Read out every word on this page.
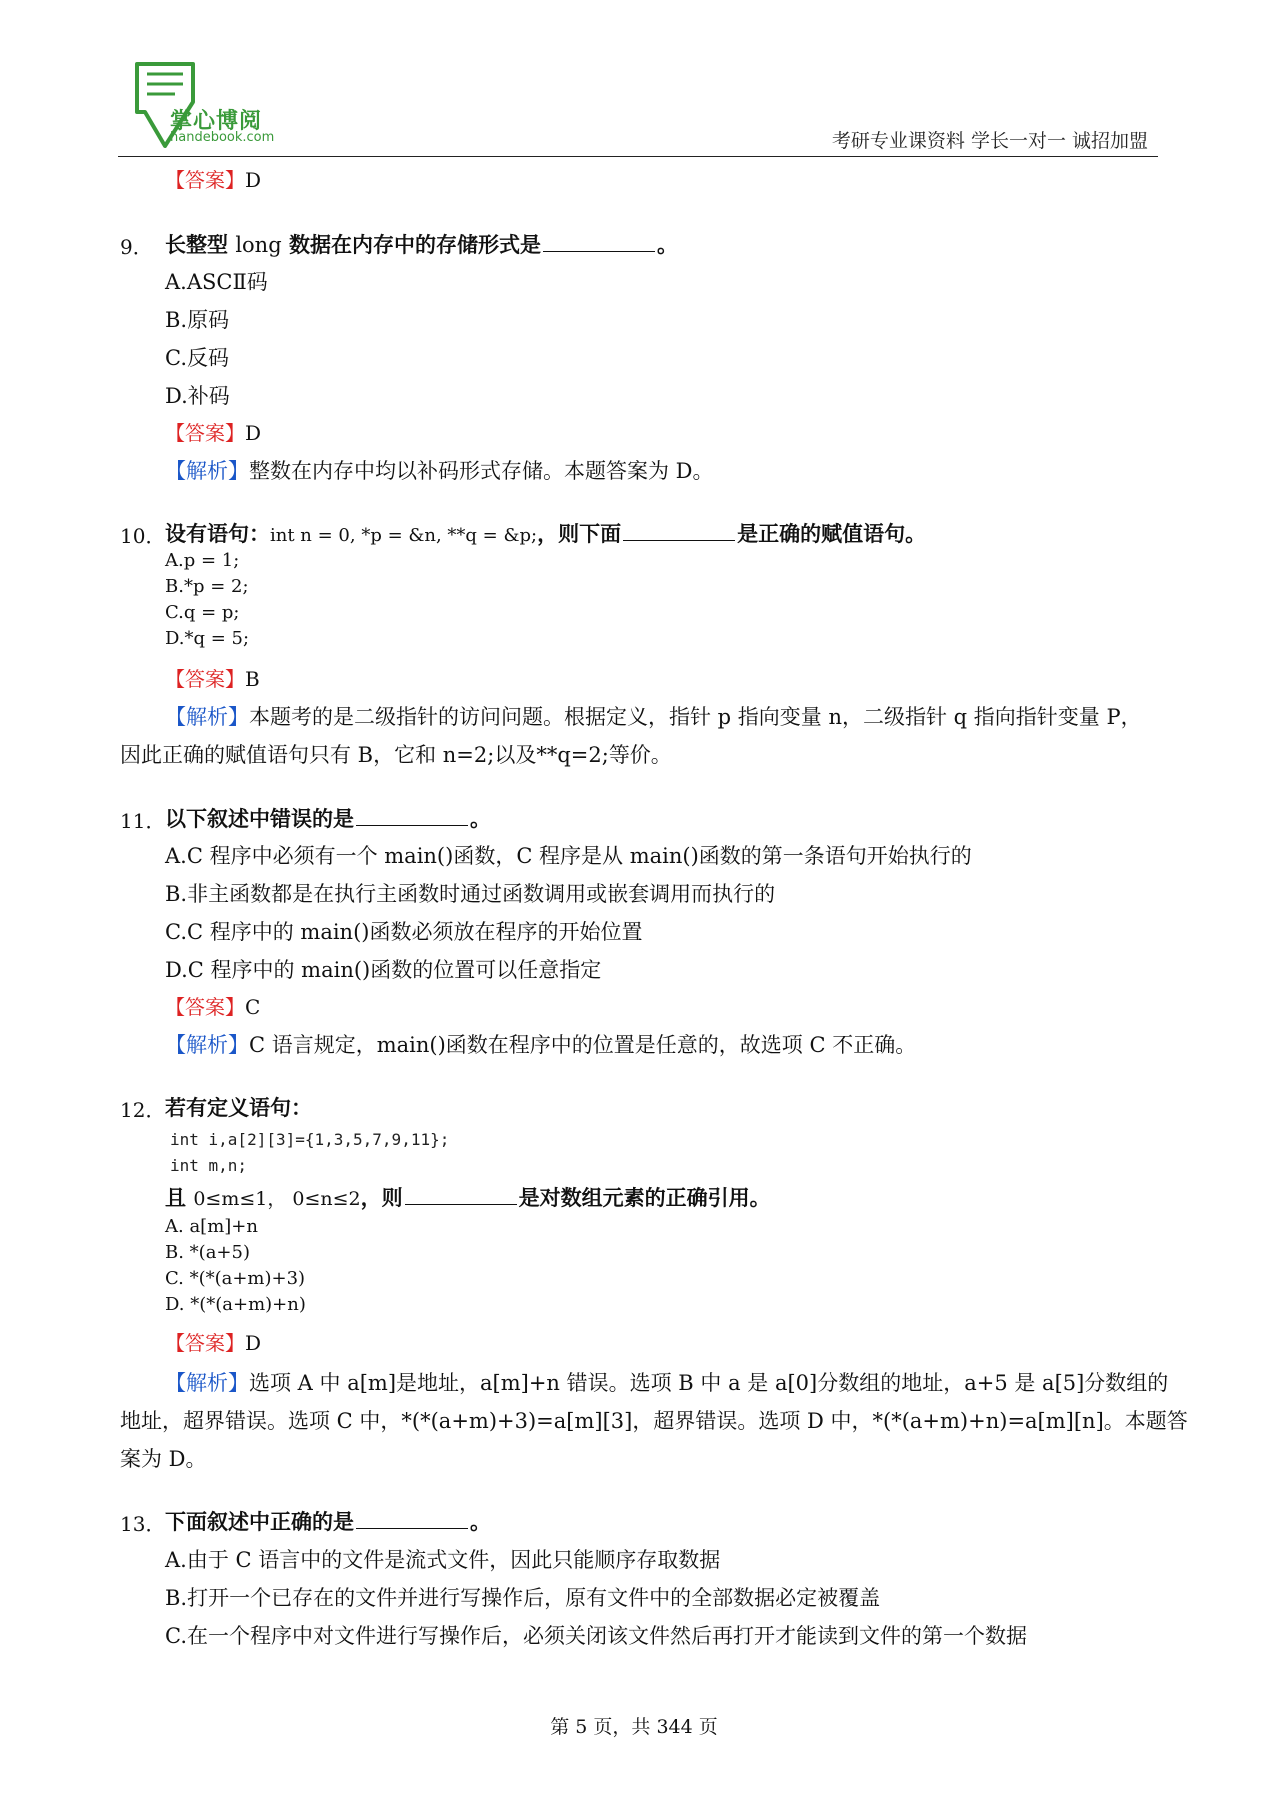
掌心博阅
handebook.com	考研专业课资料 学长一对一 诚招加盟
【答案】D
9． 长整型 long 数据在内存中的存储形式是	。
A.ASCⅡ码
B.原码
C.反码
D.补码
【答案】D
【解析】整数在内存中均以补码形式存储。本题答案为 D。
10． 设有语句：int n = 0, *p = &n, **q = &p;，则下面	是正确的赋值语句。
A.p = 1;
B.*p = 2;
C.q = p;
D.*q = 5;
【答案】B
【解析】本题考的是二级指针的访问问题。根据定义，指针 p 指向变量 n，二级指针 q 指向指针变量 P，
因此正确的赋值语句只有 B，它和 n=2;以及**q=2;等价。
11． 以下叙述中错误的是	。
A.C 程序中必须有一个 main()函数，C 程序是从 main()函数的第一条语句开始执行的
B.非主函数都是在执行主函数时通过函数调用或嵌套调用而执行的
C.C 程序中的 main()函数必须放在程序的开始位置
D.C 程序中的 main()函数的位置可以任意指定
【答案】C
【解析】C 语言规定，main()函数在程序中的位置是任意的，故选项 C 不正确。
12． 若有定义语句：
int i,a[2][3]={1,3,5,7,9,11};
int m,n;
且 0≤m≤1， 0≤n≤2，则	是对数组元素的正确引用。
A. a[m]+n
B. *(a+5)
C. *(*(a+m)+3)
D. *(*(a+m)+n)
【答案】D
【解析】选项 A 中 a[m]是地址，a[m]+n 错误。选项 B 中 a 是 a[0]分数组的地址，a+5 是 a[5]分数组的
地址，超界错误。选项 C 中，*(*(a+m)+3)=a[m][3]，超界错误。选项 D 中，*(*(a+m)+n)=a[m][n]。本题答
案为 D。
13． 下面叙述中正确的是	。
A.由于 C 语言中的文件是流式文件，因此只能顺序存取数据
B.打开一个已存在的文件并进行写操作后，原有文件中的全部数据必定被覆盖
C.在一个程序中对文件进行写操作后，必须关闭该文件然后再打开才能读到文件的第一个数据
第 5 页，共 344 页
